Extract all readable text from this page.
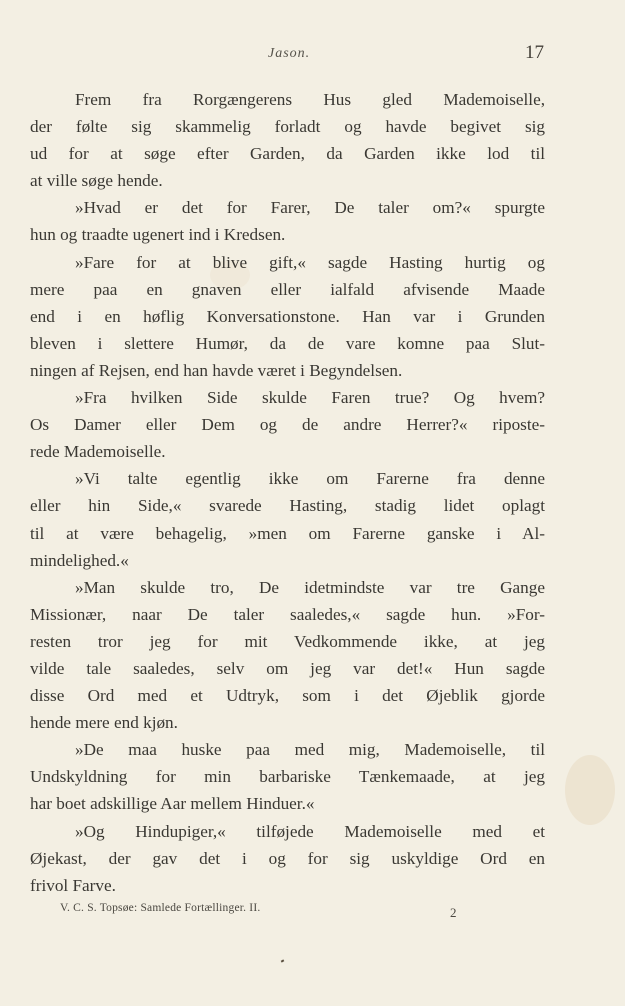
Jason.	17
Frem fra Rorgængerens Hus gled Mademoiselle,
der følte sig skammelig forladt og havde begivet sig
ud for at søge efter Garden, da Garden ikke lod til
at ville søge hende.
»Hvad er det for Farer, De taler om?« spurgte
hun og traadte ugenert ind i Kredsen.
»Fare for at blive gift,« sagde Hasting hurtig og
mere paa en gnaven eller ialfald afvisende Maade
end i en høflig Konversationstone. Han var i Grunden
bleven i slettere Humør, da de vare komne paa Slut-
ningen af Rejsen, end han havde været i Begyndelsen.
»Fra hvilken Side skulde Faren true? Og hvem?
Os Damer eller Dem og de andre Herrer?« riposte-
rede Mademoiselle.
»Vi talte egentlig ikke om Farerne fra denne
eller hin Side,« svarede Hasting, stadig lidet oplagt
til at være behagelig, »men om Farerne ganske i Al-
mindelighed.«
»Man skulde tro, De idetmindste var tre Gange
Missionær, naar De taler saaledes,« sagde hun. »For-
resten tror jeg for mit Vedkommende ikke, at jeg
vilde tale saaledes, selv om jeg var det!« Hun sagde
disse Ord med et Udtryk, som i det Øjeblik gjorde
hende mere end kjøn.
»De maa huske paa med mig, Mademoiselle, til
Undskyldning for min barbariske Tænkemaade, at jeg
har boet adskillige Aar mellem Hinduer.«
»Og Hindupiger,« tilføjede Mademoiselle med et
Øjekast, der gav det i og for sig uskyldige Ord en
frivol Farve.
V. C. S. Topsøe: Samlede Fortællinger. II.	2
